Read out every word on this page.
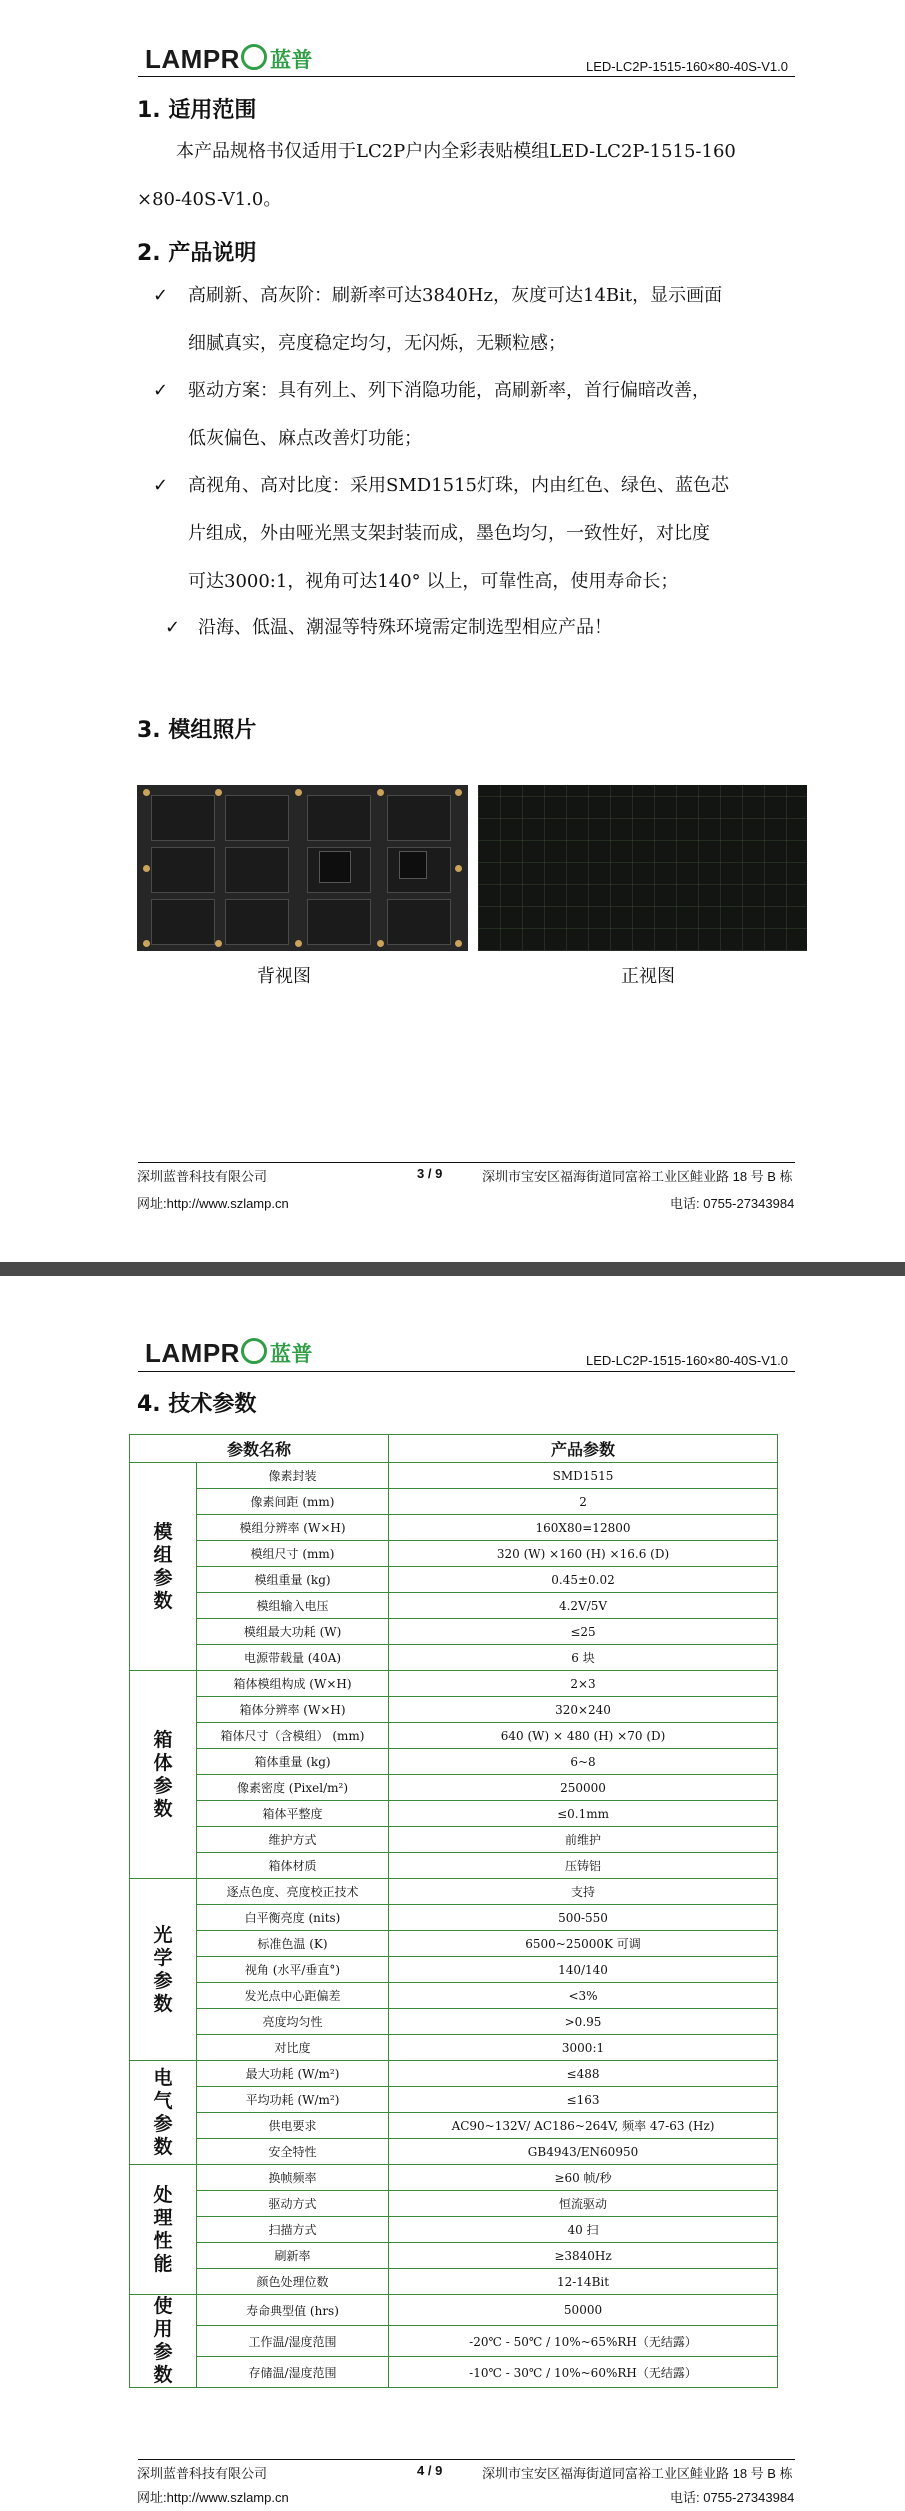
LAMPR 蓝普	LED-LC2P-1515-160×80-40S-V1.0
1. 适用范围
本产品规格书仅适用于LC2P户内全彩表贴模组LED-LC2P-1515-160
×80-40S-V1.0。
2. 产品说明
✓ 高刷新、高灰阶：刷新率可达3840Hz，灰度可达14Bit，显示画面
细腻真实，亮度稳定均匀，无闪烁，无颗粒感；
✓ 驱动方案：具有列上、列下消隐功能，高刷新率，首行偏暗改善，
低灰偏色、麻点改善灯功能；
✓ 高视角、高对比度：采用SMD1515灯珠，内由红色、绿色、蓝色芯
片组成，外由哑光黑支架封装而成，墨色均匀，一致性好，对比度
可达3000:1，视角可达140° 以上，可靠性高，使用寿命长；
✓ 沿海、低温、潮湿等特殊环境需定制选型相应产品！
3. 模组照片
背视图	正视图
深圳蓝普科技有限公司	3 / 9	深圳市宝安区福海街道同富裕工业区鲑业路 18 号 B 栋
网址:http://www.szlamp.cn	电话: 0755-27343984
LAMPR 蓝普	LED-LC2P-1515-160×80-40S-V1.0
4. 技术参数
参数名称		产品参数

模组参数	像素封装	SMD1515
	像素间距 (mm)	2
	模组分辨率 (W×H)	160X80=12800
	模组尺寸 (mm)	320 (W) ×160 (H) ×16.6 (D)
	模组重量 (kg)	0.45±0.02
	模组输入电压	4.2V/5V
	模组最大功耗 (W)	≤25
	电源带载量 (40A)	6 块

箱体参数	箱体模组构成 (W×H)	2×3
	箱体分辨率 (W×H)	320×240
	箱体尺寸（含模组） (mm)	640 (W) × 480 (H) ×70 (D)
	箱体重量 (kg)	6~8
	像素密度 (Pixel/m²)	250000
	箱体平整度	≤0.1mm
	维护方式	前维护
	箱体材质	压铸铝

光学参数	逐点色度、亮度校正技术	支持
	白平衡亮度 (nits)	500-550
	标准色温 (K)	6500~25000K 可调
	视角 (水平/垂直°)	140/140
	发光点中心距偏差	<3%
	亮度均匀性	>0.95
	对比度	3000:1

电气参数	最大功耗 (W/m²)	≤488
	平均功耗 (W/m²)	≤163
	供电要求	AC90~132V/ AC186~264V, 频率 47-63 (Hz)
	安全特性	GB4943/EN60950

处理性能	换帧频率	≥60 帧/秒
	驱动方式	恒流驱动
	扫描方式	40 扫
	刷新率	≥3840Hz
	颜色处理位数	12-14Bit

使用参数	寿命典型值 (hrs)	50000
	工作温/湿度范围	-20℃ - 50℃ / 10%~65%RH（无结露）
	存储温/湿度范围	-10℃ - 30℃ / 10%~60%RH（无结露）
深圳蓝普科技有限公司	4 / 9	深圳市宝安区福海街道同富裕工业区鲑业路 18 号 B 栋
网址:http://www.szlamp.cn	电话: 0755-27343984
